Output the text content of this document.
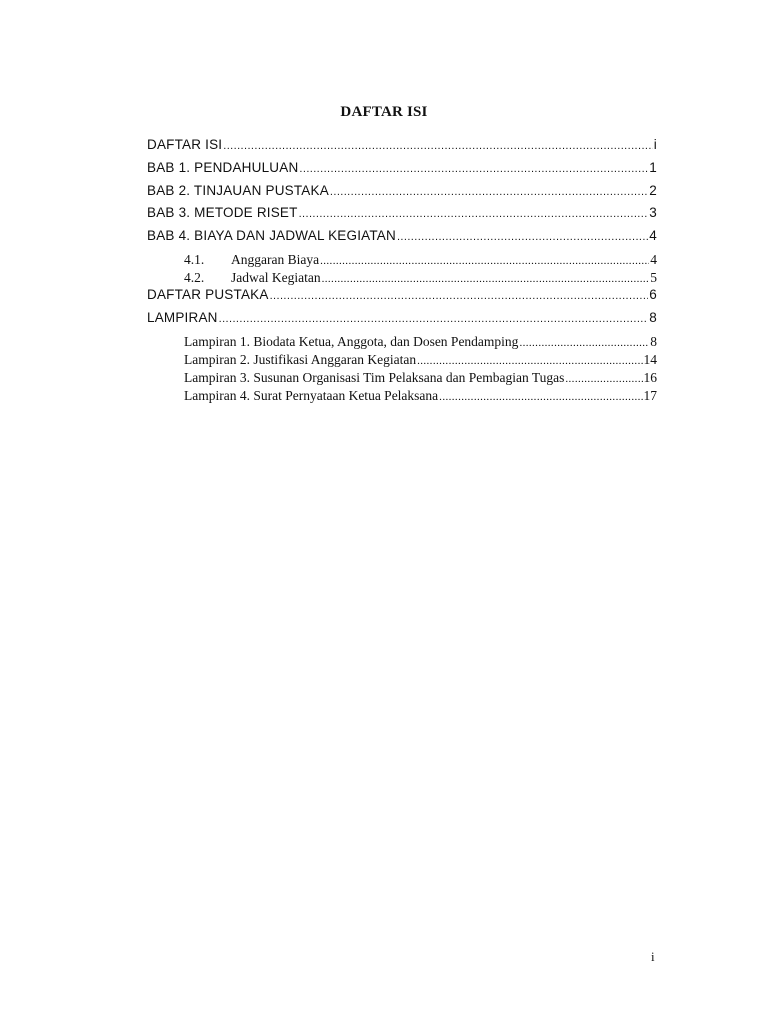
DAFTAR ISI
DAFTAR ISI .....	i
BAB 1. PENDAHULUAN .....	1
BAB 2. TINJAUAN PUSTAKA .....	2
BAB 3. METODE RISET .....	3
BAB 4. BIAYA DAN JADWAL KEGIATAN .....	4
4.1.	Anggaran Biaya .....	4
4.2.	Jadwal Kegiatan .....	5
DAFTAR PUSTAKA .....	6
LAMPIRAN .....	8
Lampiran 1. Biodata Ketua, Anggota, dan Dosen Pendamping .....	8
Lampiran 2. Justifikasi Anggaran Kegiatan .....	14
Lampiran 3. Susunan Organisasi Tim Pelaksana dan Pembagian Tugas .....	16
Lampiran 4. Surat Pernyataan Ketua Pelaksana .....	17
i
